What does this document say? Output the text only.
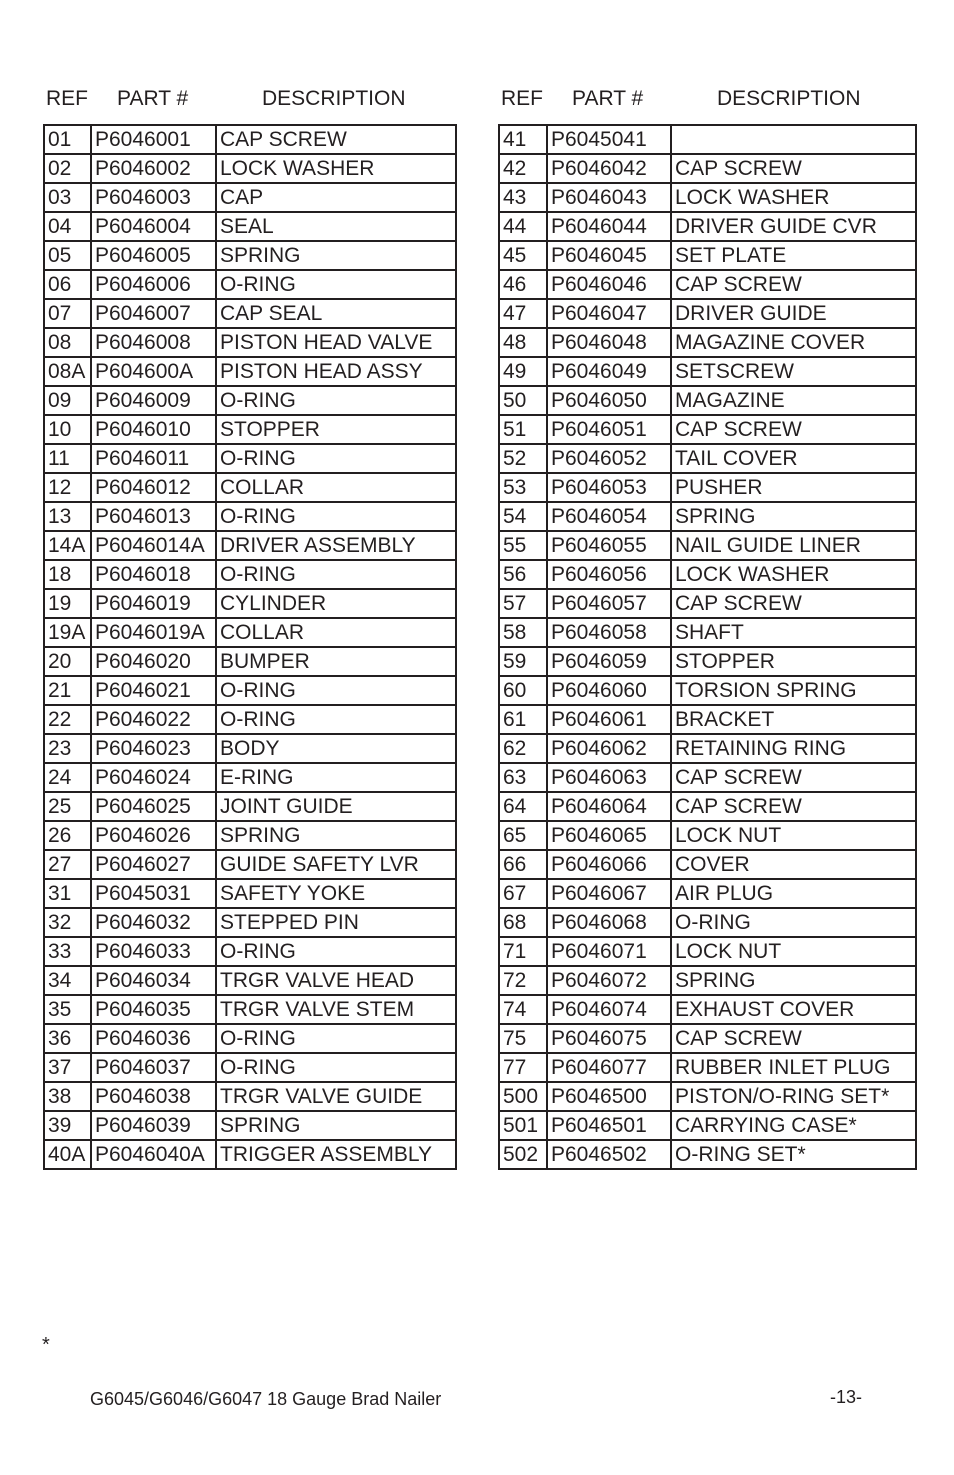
REF PART #	DESCRIPTION
01	P6046001	CAP SCREW
02	P6046002	LOCK WASHER
03	P6046003	CAP
04	P6046004	SEAL
05	P6046005	SPRING
06	P6046006	O-RING
07	P6046007	CAP SEAL
08	P6046008	PISTON HEAD VALVE
08A	P604600A	PISTON HEAD ASSY
09	P6046009	O-RING
10	P6046010	STOPPER
11	P6046011	O-RING
12	P6046012	COLLAR
13	P6046013	O-RING
14A	P6046014A	DRIVER ASSEMBLY
18	P6046018	O-RING
19	P6046019	CYLINDER
19A	P6046019A	COLLAR
20	P6046020	BUMPER
21	P6046021	O-RING
22	P6046022	O-RING
23	P6046023	BODY
24	P6046024	E-RING
25	P6046025	JOINT GUIDE
26	P6046026	SPRING
27	P6046027	GUIDE SAFETY LVR
31	P6045031	SAFETY YOKE
32	P6046032	STEPPED PIN
33	P6046033	O-RING
34	P6046034	TRGR VALVE HEAD
35	P6046035	TRGR VALVE STEM
36	P6046036	O-RING
37	P6046037	O-RING
38	P6046038	TRGR VALVE GUIDE
39	P6046039	SPRING
40A	P6046040A	TRIGGER ASSEMBLY
REF PART #	DESCRIPTION
41	P6045041	
42	P6046042	CAP SCREW
43	P6046043	LOCK WASHER
44	P6046044	DRIVER GUIDE CVR
45	P6046045	SET PLATE
46	P6046046	CAP SCREW
47	P6046047	DRIVER GUIDE
48	P6046048	MAGAZINE COVER
49	P6046049	SETSCREW
50	P6046050	MAGAZINE
51	P6046051	CAP SCREW
52	P6046052	TAIL COVER
53	P6046053	PUSHER
54	P6046054	SPRING
55	P6046055	NAIL GUIDE LINER
56	P6046056	LOCK WASHER
57	P6046057	CAP SCREW
58	P6046058	SHAFT
59	P6046059	STOPPER
60	P6046060	TORSION SPRING
61	P6046061	BRACKET
62	P6046062	RETAINING RING
63	P6046063	CAP SCREW
64	P6046064	CAP SCREW
65	P6046065	LOCK NUT
66	P6046066	COVER
67	P6046067	AIR PLUG
68	P6046068	O-RING
71	P6046071	LOCK NUT
72	P6046072	SPRING
74	P6046074	EXHAUST COVER
75	P6046075	CAP SCREW
77	P6046077	RUBBER INLET PLUG
500	P6046500	PISTON/O-RING SET*
501	P6046501	CARRYING CASE*
502	P6046502	O-RING SET*
*
G6045/G6046/G6047 18 Gauge Brad Nailer	-13-
